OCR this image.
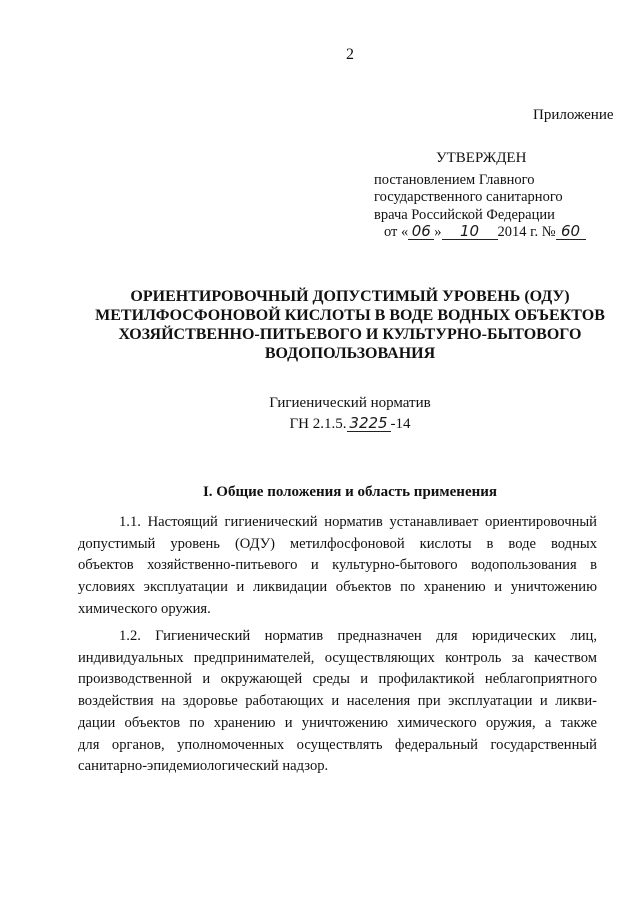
2
Приложение
УТВЕРЖДЕН
постановлением Главного
государственного санитарного
врача Российской Федерации
от « 06 » 10 2014 г. № 60
ОРИЕНТИРОВОЧНЫЙ ДОПУСТИМЫЙ УРОВЕНЬ (ОДУ)
МЕТИЛФОСФОНОВОЙ КИСЛОТЫ В ВОДЕ ВОДНЫХ ОБЪЕКТОВ
ХОЗЯЙСТВЕННО-ПИТЬЕВОГО И КУЛЬТУРНО-БЫТОВОГО
ВОДОПОЛЬЗОВАНИЯ
Гигиенический норматив
ГН 2.1.5. 3225 -14
I. Общие положения и область применения
1.1. Настоящий гигиенический норматив устанавливает ориентировочный
допустимый уровень (ОДУ) метилфосфоновой кислоты в воде водных
объектов хозяйственно-питьевого и культурно-бытового водопользования в
условиях эксплуатации и ликвидации объектов по хранению и уничтожению
химического оружия.
1.2. Гигиенический норматив предназначен для юридических лиц,
индивидуальных предпринимателей, осуществляющих контроль за качеством
производственной и окружающей среды и профилактикой неблагоприятного
воздействия на здоровье работающих и населения при эксплуатации и ликви-
дации объектов по хранению и уничтожению химического оружия, а также
для органов, уполномоченных осуществлять федеральный государственный
санитарно-эпидемиологический надзор.
